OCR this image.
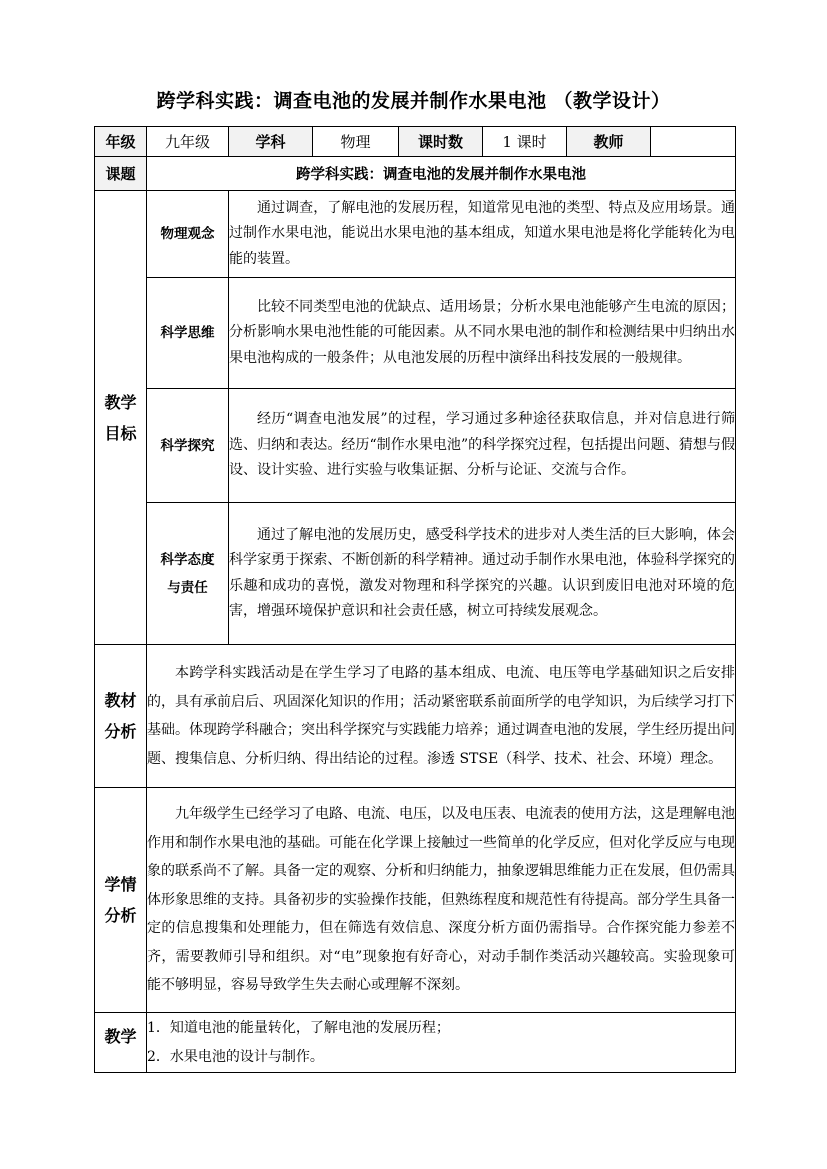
跨学科实践：调查电池的发展并制作水果电池 （教学设计）
年级	九年级	学科	物理	课时数	1 课时	教师	
课题	跨学科实践：调查电池的发展并制作水果电池						

教学
目标	物理观念	通过调查，了解电池的发展历程，知道常见电池的类型、特点及应用场景。通过制作水果电池，能说出水果电池的基本组成，知道水果电池是将化学能转化为电能的装置。					

	科学思维	比较不同类型电池的优缺点、适用场景；分析水果电池能够产生电流的原因；分析影响水果电池性能的可能因素。从不同水果电池的制作和检测结果中归纳出水果电池构成的一般条件；从电池发展的历程中演绎出科技发展的一般规律。					

	科学探究	经历“调查电池发展”的过程，学习通过多种途径获取信息，并对信息进行筛选、归纳和表达。经历“制作水果电池”的科学探究过程，包括提出问题、猜想与假设、设计实验、进行实验与收集证据、分析与论证、交流与合作。					

	科学态度
与责任	通过了解电池的发展历史，感受科学技术的进步对人类生活的巨大影响，体会科学家勇于探索、不断创新的科学精神。通过动手制作水果电池，体验科学探究的乐趣和成功的喜悦，激发对物理和科学探究的兴趣。认识到废旧电池对环境的危害，增强环境保护意识和社会责任感，树立可持续发展观念。					

教材
分析	本跨学科实践活动是在学生学习了电路的基本组成、电流、电压等电学基础知识之后安排的，具有承前启后、巩固深化知识的作用；活动紧密联系前面所学的电学知识，为后续学习打下基础。体现跨学科融合；突出科学探究与实践能力培养；通过调查电池的发展，学生经历提出问题、搜集信息、分析归纳、得出结论的过程。渗透 STSE（科学、技术、社会、环境）理念。						

学情
分析	九年级学生已经学习了电路、电流、电压，以及电压表、电流表的使用方法，这是理解电池作用和制作水果电池的基础。可能在化学课上接触过一些简单的化学反应，但对化学反应与电现象的联系尚不了解。具备一定的观察、分析和归纳能力，抽象逻辑思维能力正在发展，但仍需具体形象思维的支持。具备初步的实验操作技能，但熟练程度和规范性有待提高。部分学生具备一定的信息搜集和处理能力，但在筛选有效信息、深度分析方面仍需指导。合作探究能力参差不齐，需要教师引导和组织。对“电”现象抱有好奇心，对动手制作类活动兴趣较高。实验现象可能不够明显，容易导致学生失去耐心或理解不深刻。						
教学	1．知道电池的能量转化，了解电池的发展历程；
2．水果电池的设计与制作。						
